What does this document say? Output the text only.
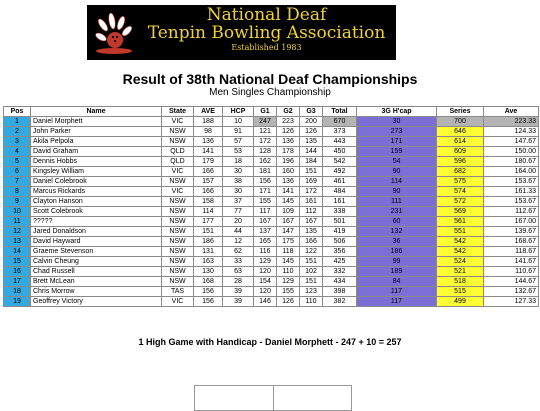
National Deaf
Tenpin Bowling Association
Established 1983
Result of 38th National Deaf Championships
Men Singles Championship
Pos	Name	State	AVE	HCP	G1	G2	G3	Total	3G H'cap	Series	Ave
1	Daniel Morphett	VIC	188	10	247	223	200	670	30	700	223.33
2	John Parker	NSW	98	91	121	126	126	373	273	646	124.33
3	Akila Pelpola	NSW	136	57	172	136	135	443	171	614	147.67
4	David Graham	QLD	141	53	128	178	144	450	159	609	150.00
5	Dennis Hobbs	QLD	179	18	162	196	184	542	54	596	180.67
6	Kingsley William	VIC	166	30	181	160	151	492	90	682	164.00
7	Daniel Colebrook	NSW	157	38	156	136	169	461	114	575	153.67
8	Marcus Rickards	VIC	166	30	171	141	172	484	90	574	161.33
9	Clayton Hanson	NSW	158	37	155	145	161	161	111	572	153.67
10	Scott Colebrook	NSW	114	77	117	109	112	338	231	569	112.67
11	?????	NSW	177	20	167	167	167	501	60	561	167.00
12	Jared Donaldson	NSW	151	44	137	147	135	419	132	551	139.67
13	David Hayward	NSW	186	12	165	175	166	506	36	542	168.67
14	Graeme Stevenson	NSW	131	62	116	118	122	356	186	542	118.67
15	Calvin Cheung	NSW	163	33	129	145	151	425	99	524	141.67
16	Chad Russell	NSW	130	63	120	110	102	332	189	521	110.67
17	Brett McLean	NSW	168	28	154	129	151	434	84	518	144.67
18	Chris Morrow	TAS	156	39	120	155	123	398	117	515	132.67
19	Geoffrey Victory	VIC	156	39	146	126	110	382	117	499	127.33
1 High Game with Handicap - Daniel Morphett - 247 + 10 = 257
